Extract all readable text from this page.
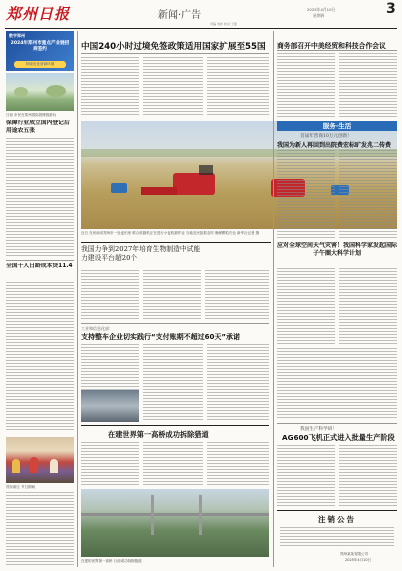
郑州日报	新闻·广告
2025年4月10日
星期四	3
责编 刘洋 校对 王强
数字郑州
2024年郑州市重点产业链招商签约
持续优化营商环境
日前 市民在郑州国际园博园游玩
保障行业成立国内登记后用途农五张
全国千人日龄成本贷11.4
郑东新区 节日期间
中国240小时过境免签政策适用国家扩展至55国
近日 在河南省郑州市一处麦田里 联合收割机正在进行小麦收割作业 当地农民抢抓农时 确保颗粒归仓 新华社记者 摄
我国力争到2027年培育生物制造中试能力建设平台超20个
工业和信息化部：
支持整车企业切实践行“支付账期不超过60天”承诺
在建世界第一高桥成功拆除猎道
在建的世界第一高桥 日前成功拆除猎道
商务部召开中美经贸和科技合作会议
服务·生活
首届年营商10万元创新！
我国为新人再回到出院费宏标旷发兆二传费
应对全球空间天气灾害！我国科学家发起国际子午圈大科学计划
我国生产科学研！
AG600飞机正式进入批量生产阶段
注销公告
郑州某某有限公司
2025年4月10日
